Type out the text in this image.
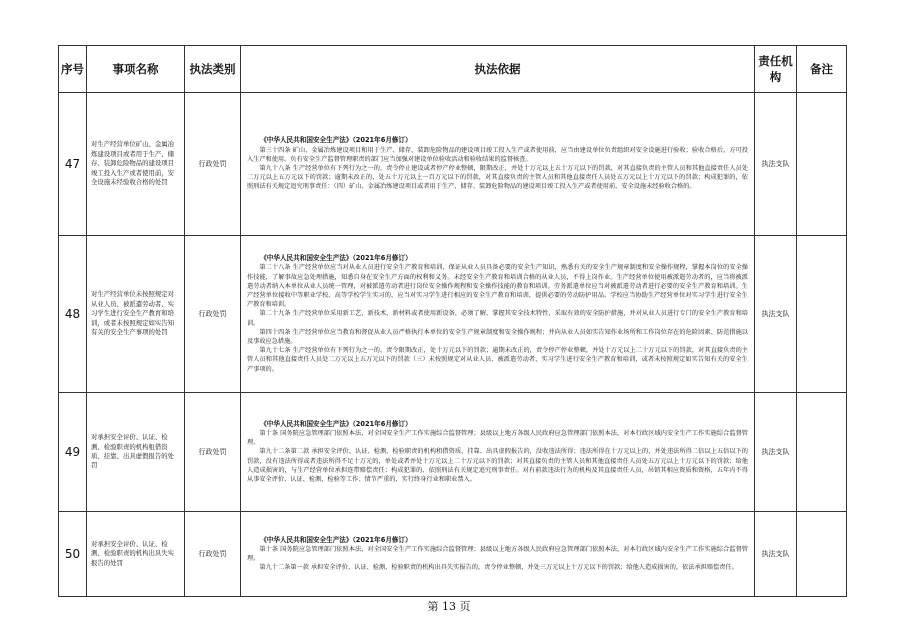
序号	事项名称	执法类别	执法依据	责任机构	备注
47	对生产经营单位矿山、金属冶炼建设项目或者用于生产、储存、装卸危险物品的建设项目竣工投入生产或者使用前，安全设施未经验收合格的处罚	行政处罚	《中华人民共和国安全生产法》（2021年6月修订）

第三十四条 矿山、金属冶炼建设项目和用于生产、储存、装卸危险物品的建设项目竣工投入生产或者使用前，应当由建设单位负责组织对安全设施进行验收；验收合格后，方可投入生产和使用。负有安全生产监督管理职责的部门应当加强对建设单位验收活动和验收结果的监督核查。

第九十八条 生产经营单位有下列行为之一的，责令停止建设或者停产停业整顿，限期改正，并处十万元以上五十万元以下的罚款，对其直接负责的主管人员和其他直接责任人员处二万元以上五万元以下的罚款；逾期未改正的，处五十万元以上一百万元以下的罚款，对其直接负责的主管人员和其他直接责任人员处五万元以上十万元以下的罚款；构成犯罪的，依照刑法有关规定追究刑事责任：（四）矿山、金属冶炼建设项目或者用于生产、储存、装卸危险物品的建设项目竣工投入生产或者使用前，安全设施未经验收合格的。	执法支队	
48	对生产经营单位未按照规定对从业人员、被派遣劳动者、实习学生进行安全生产教育和培训，或者未按照规定如实告知有关的安全生产事项的处罚	行政处罚	《中华人民共和国安全生产法》（2021年6月修订）

第二十八条 生产经营单位应当对从业人员进行安全生产教育和培训，保证从业人员具备必要的安全生产知识，熟悉有关的安全生产规章制度和安全操作规程，掌握本岗位的安全操作技能，了解事故应急处理措施，知悉自身在安全生产方面的权利和义务。未经安全生产教育和培训合格的从业人员，不得上岗作业。生产经营单位使用被派遣劳动者的，应当将被派遣劳动者纳入本单位从业人员统一管理，对被派遣劳动者进行岗位安全操作规程和安全操作技能的教育和培训。劳务派遣单位应当对被派遣劳动者进行必要的安全生产教育和培训。生产经营单位接收中等职业学校、高等学校学生实习的，应当对实习学生进行相应的安全生产教育和培训，提供必要的劳动防护用品。学校应当协助生产经营单位对实习学生进行安全生产教育和培训。

第二十九条 生产经营单位采用新工艺、新技术、新材料或者使用新设备，必须了解、掌握其安全技术特性，采取有效的安全防护措施，并对从业人员进行专门的安全生产教育和培训。

第四十四条 生产经营单位应当教育和督促从业人员严格执行本单位的安全生产规章制度和安全操作规程；并向从业人员如实告知作业场所和工作岗位存在的危险因素、防范措施以及事故应急措施。

第九十七条 生产经营单位有下列行为之一的，责令限期改正，处十万元以下的罚款；逾期未改正的，责令停产停业整顿，并处十万元以上二十万元以下的罚款，对其直接负责的主管人员和其他直接责任人员处二万元以上五万元以下的罚款（三）未按照规定对从业人员、被派遣劳动者、实习学生进行安全生产教育和培训，或者未按照规定如实告知有关的安全生产事项的。	执法支队	
49	对承担安全评价、认证、检测、检验职责的机构租借资质、挂靠、出具虚假报告的处罚	行政处罚	《中华人民共和国安全生产法》（2021年6月修订）

第十条 国务院应急管理部门依照本法，对全国安全生产工作实施综合监督管理；县级以上地方各级人民政府应急管理部门依照本法，对本行政区域内安全生产工作实施综合监督管理。

第九十二条第二款 承担安全评价、认证、检测、检验职责的机构租借资质、挂靠、出具虚假报告的，没收违法所得；违法所得在十万元以上的，并处违法所得二倍以上五倍以下的罚款，没有违法所得或者违法所得不足十万元的，单处或者并处十万元以上二十万元以下的罚款；对其直接负责的主管人员和其他直接责任人员处五万元以上十万元以下的罚款；给他人造成损害的，与生产经营单位承担连带赔偿责任；构成犯罪的，依照刑法有关规定追究刑事责任。对有前款违法行为的机构及其直接责任人员，吊销其相应资质和资格，五年内不得从事安全评价、认证、检测、检验等工作；情节严重的，实行终身行业和职业禁入。	执法支队	
50	对承担安全评价、认证、检测、检验职责的机构出具失实报告的处罚	行政处罚	《中华人民共和国安全生产法》（2021年6月修订）

第十条 国务院应急管理部门依照本法，对全国安全生产工作实施综合监督管理；县级以上地方各级人民政府应急管理部门依照本法，对本行政区域内安全生产工作实施综合监督管理。

第九十二条第一款 承担安全评价、认证、检测、检验职责的机构出具失实报告的，责令停业整顿，并处三万元以上十万元以下的罚款；给他人造成损害的，依法承担赔偿责任。	执法支队	
第 13 页
